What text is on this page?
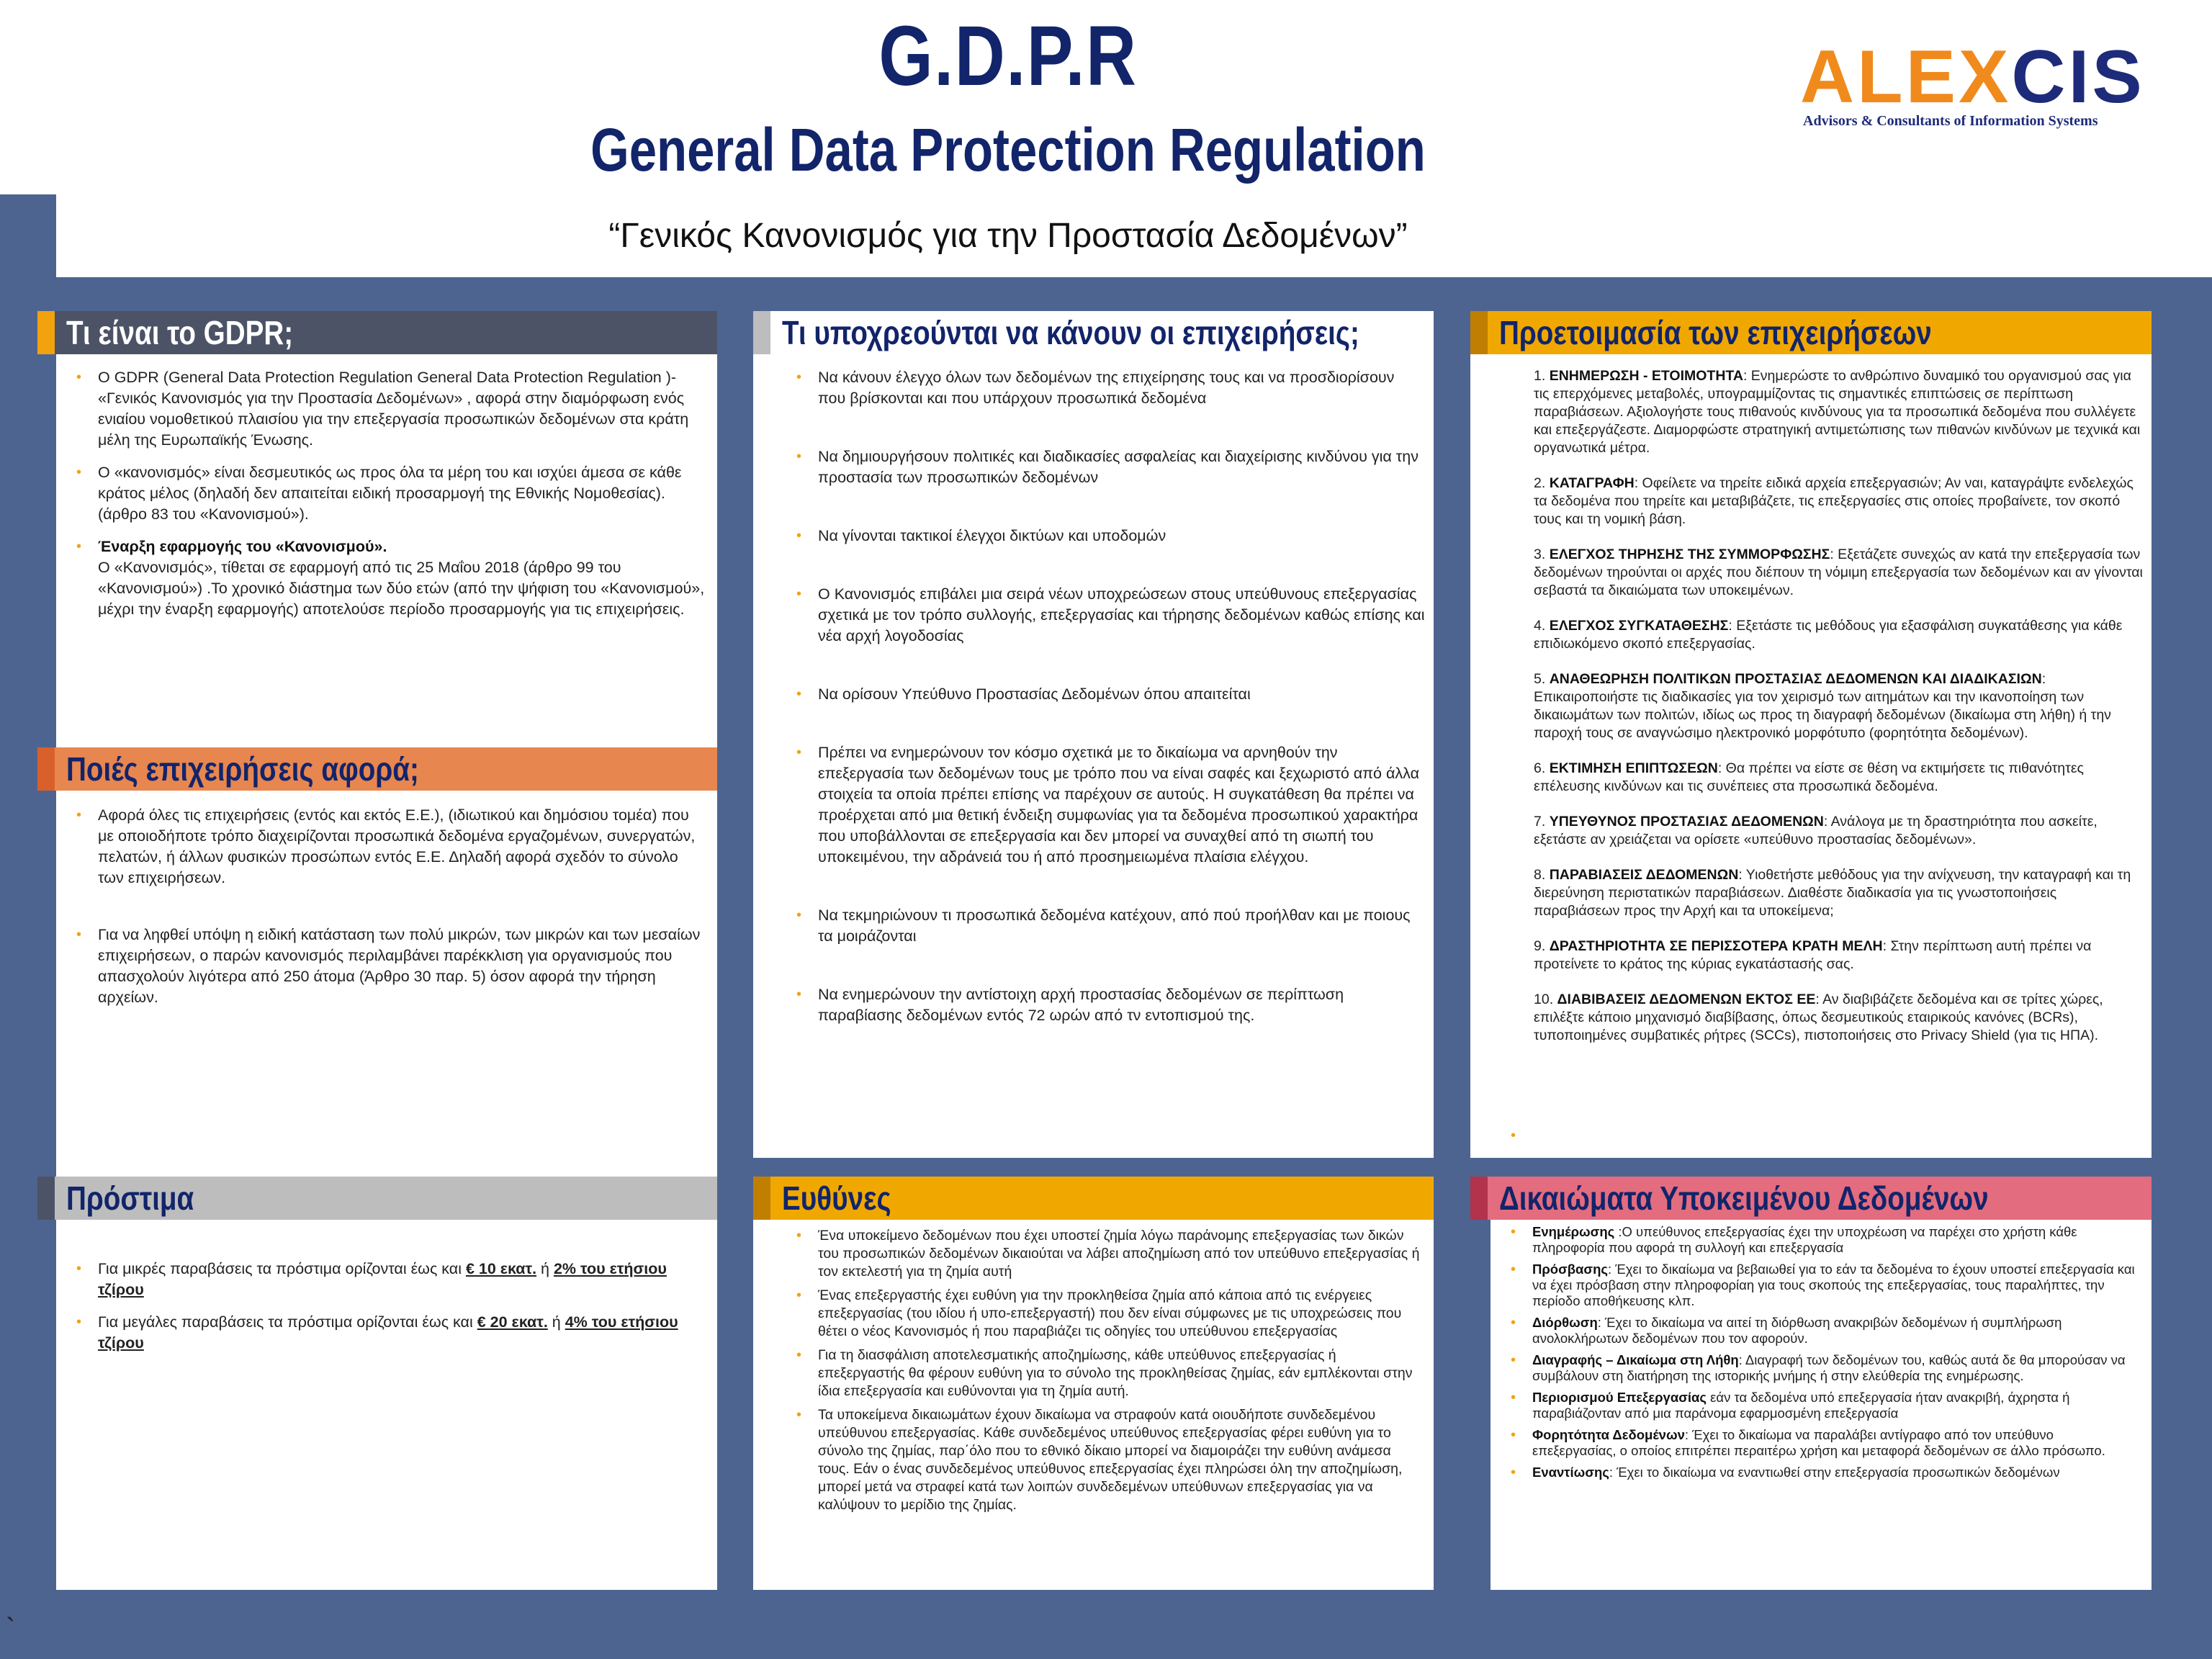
G.D.P.R
General Data Protection Regulation
“Γενικός Κανονισμός για την Προστασία Δεδομένων”
ALEXCIS
Advisors & Consultants of Information Systems
Τι είναι το GDPR;
• Ο GDPR (General Data Protection Regulation General Data Protection Regulation )- «Γενικός Κανονισμός για την Προστασία Δεδομένων» , αφορά στην διαμόρφωση ενός ενιαίου νομοθετικού πλαισίου για την επεξεργασία προσωπικών δεδομένων στα κράτη μέλη της Ευρωπαϊκής Ένωσης.
• Ο «κανονισμός» είναι δεσμευτικός ως προς όλα τα μέρη του και ισχύει άμεσα σε κάθε κράτος μέλος (δηλαδή δεν απαιτείται ειδική προσαρμογή της Εθνικής Νομοθεσίας). (άρθρο 83 του «Κανονισμού»).
• Έναρξη εφαρμογής του «Κανονισμού».
Ο «Κανονισμός», τίθεται σε εφαρμογή από τις 25 Μαΐου 2018 (άρθρο 99 του «Κανονισμού») .Το χρονικό διάστημα των δύο ετών (από την ψήφιση του «Κανονισμού», μέχρι την έναρξη εφαρμογής) αποτελούσε περίοδο προσαρμογής για τις επιχειρήσεις.
Ποιές επιχειρήσεις αφορά;
• Αφορά όλες τις επιχειρήσεις (εντός και εκτός Ε.Ε.), (ιδιωτικού και δημόσιου τομέα) που με οποιοδήποτε τρόπο διαχειρίζονται προσωπικά δεδομένα εργαζομένων, συνεργατών, πελατών, ή άλλων φυσικών προσώπων εντός Ε.Ε. Δηλαδή αφορά σχεδόν το σύνολο των επιχειρήσεων.
• Για να ληφθεί υπόψη η ειδική κατάσταση των πολύ μικρών, των μικρών και των μεσαίων επιχειρήσεων, ο παρών κανονισμός περιλαμβάνει παρέκκλιση για οργανισμούς που απασχολούν λιγότερα από 250 άτομα (Άρθρο 30 παρ. 5) όσον αφορά την τήρηση αρχείων.
Πρόστιμα
• Για μικρές παραβάσεις τα πρόστιμα ορίζονται έως και € 10 εκατ. ή 2% του ετήσιου τζίρου
• Για μεγάλες παραβάσεις τα πρόστιμα ορίζονται έως και € 20 εκατ. ή 4% του ετήσιου τζίρου
Τι υποχρεούνται να κάνουν οι επιχειρήσεις;
• Να κάνουν έλεγχο όλων των δεδομένων της επιχείρησης τους και να προσδιορίσουν που βρίσκονται και που υπάρχουν προσωπικά δεδομένα
• Να δημιουργήσουν πολιτικές και διαδικασίες ασφαλείας και διαχείρισης κινδύνου για την προστασία των προσωπικών δεδομένων
• Να γίνονται τακτικοί έλεγχοι δικτύων και υποδομών
• Ο Κανονισμός επιβάλει μια σειρά νέων υποχρεώσεων στους υπεύθυνους επεξεργασίας σχετικά με τον τρόπο συλλογής, επεξεργασίας και τήρησης δεδομένων καθώς επίσης και νέα αρχή λογοδοσίας
• Να ορίσουν Υπεύθυνο Προστασίας Δεδομένων όπου απαιτείται
• Πρέπει να ενημερώνουν τον κόσμο σχετικά με το δικαίωμα να αρνηθούν την επεξεργασία των δεδομένων τους με τρόπο που να είναι σαφές και ξεχωριστό από άλλα στοιχεία τα οποία πρέπει επίσης να παρέχουν σε αυτούς. Η συγκατάθεση θα πρέπει να προέρχεται από μια θετική ένδειξη συμφωνίας για τα δεδομένα προσωπικού χαρακτήρα που υποβάλλονται σε επεξεργασία και δεν μπορεί να συναχθεί από τη σιωπή του υποκειμένου, την αδράνειά του ή από προσημειωμένα πλαίσια ελέγχου.
• Να τεκμηριώνουν τι προσωπικά δεδομένα κατέχουν, από πού προήλθαν και με ποιους τα μοιράζονται
• Να ενημερώνουν την αντίστοιχη αρχή προστασίας δεδομένων σε περίπτωση παραβίασης δεδομένων εντός 72 ωρών από τν εντοπισμού της.
Ευθύνες
• Ένα υποκείμενο δεδομένων που έχει υποστεί ζημία λόγω παράνομης επεξεργασίας των δικών του προσωπικών δεδομένων δικαιούται να λάβει αποζημίωση από τον υπεύθυνο επεξεργασίας ή τον εκτελεστή για τη ζημία αυτή
• Ένας επεξεργαστής έχει ευθύνη για την προκληθείσα ζημία από κάποια από τις ενέργειες επεξεργασίας (του ιδίου ή υπο-επεξεργαστή) που δεν είναι σύμφωνες με τις υποχρεώσεις που θέτει ο νέος Κανονισμός ή που παραβιάζει τις οδηγίες του υπεύθυνου επεξεργασίας
• Για τη διασφάλιση αποτελεσματικής αποζημίωσης, κάθε υπεύθυνος επεξεργασίας ή επεξεργαστής θα φέρουν ευθύνη για το σύνολο της προκληθείσας ζημίας, εάν εμπλέκονται στην ίδια επεξεργασία και ευθύνονται για τη ζημία αυτή.
• Τα υποκείμενα δικαιωμάτων έχουν δικαίωμα να στραφούν κατά οιουδήποτε συνδεδεμένου υπεύθυνου επεξεργασίας. Κάθε συνδεδεμένος υπεύθυνος επεξεργασίας φέρει ευθύνη για το σύνολο της ζημίας, παρ΄όλο που το εθνικό δίκαιο μπορεί να διαμοιράζει την ευθύνη ανάμεσα τους. Εάν ο ένας συνδεδεμένος υπεύθυνος επεξεργασίας έχει πληρώσει όλη την αποζημίωση, μπορεί μετά να στραφεί κατά των λοιπών συνδεδεμένων υπεύθυνων επεξεργασίας για να καλύψουν το μερίδιο της ζημίας.
Προετοιμασία των επιχειρήσεων
1. ΕΝΗΜΕΡΩΣΗ - ΕΤΟΙΜΟΤΗΤΑ: Ενημερώστε το ανθρώπινο δυναμικό του οργανισμού σας για τις επερχόμενες μεταβολές, υπογραμμίζοντας τις σημαντικές επιπτώσεις σε περίπτωση παραβιάσεων. Αξιολογήστε τους πιθανούς κινδύνους για τα προσωπικά δεδομένα που συλλέγετε και επεξεργάζεστε. Διαμορφώστε στρατηγική αντιμετώπισης των πιθανών κινδύνων με τεχνικά και οργανωτικά μέτρα.
2. ΚΑΤΑΓΡΑΦΗ: Οφείλετε να τηρείτε ειδικά αρχεία επεξεργασιών; Αν ναι, καταγράψτε ενδελεχώς τα δεδομένα που τηρείτε και μεταβιβάζετε, τις επεξεργασίες στις οποίες προβαίνετε, τον σκοπό τους και τη νομική βάση.
3. ΕΛΕΓΧΟΣ ΤΗΡΗΣΗΣ ΤΗΣ ΣΥΜΜΟΡΦΩΣΗΣ: Εξετάζετε συνεχώς αν κατά την επεξεργασία των δεδομένων τηρούνται οι αρχές που διέπουν τη νόμιμη επεξεργασία των δεδομένων και αν γίνονται σεβαστά τα δικαιώματα των υποκειμένων.
4. ΕΛΕΓΧΟΣ ΣΥΓΚΑΤΑΘΕΣΗΣ: Εξετάστε τις μεθόδους για εξασφάλιση συγκατάθεσης για κάθε επιδιωκόμενο σκοπό επεξεργασίας.
5. ΑΝΑΘΕΩΡΗΣΗ ΠΟΛΙΤΙΚΩΝ ΠΡΟΣΤΑΣΙΑΣ ΔΕΔΟΜΕΝΩΝ ΚΑΙ ΔΙΑΔΙΚΑΣΙΩΝ: Επικαιροποιήστε τις διαδικασίες για τον χειρισμό των αιτημάτων και την ικανοποίηση των δικαιωμάτων των πολιτών, ιδίως ως προς τη διαγραφή δεδομένων (δικαίωμα στη λήθη) ή την παροχή τους σε αναγνώσιμο ηλεκτρονικό μορφότυπο (φορητότητα δεδομένων).
6. ΕΚΤΙΜΗΣΗ ΕΠΙΠΤΩΣΕΩΝ: Θα πρέπει να είστε σε θέση να εκτιμήσετε τις πιθανότητες επέλευσης κινδύνων και τις συνέπειες στα προσωπικά δεδομένα.
7. ΥΠΕΥΘΥΝΟΣ ΠΡΟΣΤΑΣΙΑΣ ΔΕΔΟΜΕΝΩΝ: Ανάλογα με τη δραστηριότητα που ασκείτε, εξετάστε αν χρειάζεται να ορίσετε «υπεύθυνο προστασίας δεδομένων».
8. ΠΑΡΑΒΙΑΣΕΙΣ ΔΕΔΟΜΕΝΩΝ: Υιοθετήστε μεθόδους για την ανίχνευση, την καταγραφή και τη διερεύνηση περιστατικών παραβιάσεων. Διαθέστε διαδικασία για τις γνωστοποιήσεις παραβιάσεων προς την Αρχή και τα υποκείμενα;
9. ΔΡΑΣΤΗΡΙΟΤΗΤΑ ΣΕ ΠΕΡΙΣΣΟΤΕΡΑ ΚΡΑΤΗ ΜΕΛΗ: Στην περίπτωση αυτή πρέπει να προτείνετε το κράτος της κύριας εγκατάστασής σας.
10. ΔΙΑΒΙΒΑΣΕΙΣ ΔΕΔΟΜΕΝΩΝ ΕΚΤΟΣ ΕΕ: Αν διαβιβάζετε δεδομένα και σε τρίτες χώρες, επιλέξτε κάποιο μηχανισμό διαβίβασης, όπως δεσμευτικούς εταιρικούς κανόνες (BCRs), τυποποιημένες συμβατικές ρήτρες (SCCs), πιστοποιήσεις στο Privacy Shield (για τις ΗΠΑ).
•
Δικαιώματα Υποκειμένου Δεδομένων
• Ενημέρωσης :Ο υπεύθυνος επεξεργασίας έχει την υποχρέωση να παρέχει στο χρήστη κάθε πληροφορία που αφορά τη συλλογή και επεξεργασία
• Πρόσβασης: Έχει το δικαίωμα να βεβαιωθεί για το εάν τα δεδομένα το έχουν υποστεί επεξεργασία και να έχει πρόσβαση στην πληροφορίαη για τους σκοπούς της επεξεργασίας, τους παραλήπτες, την περίοδο αποθήκευσης κλπ.
• Διόρθωση: Έχει το δικαίωμα να αιτεί τη διόρθωση ανακριβών δεδομένων ή συμπλήρωση ανολοκλήρωτων δεδομένων που τον αφορούν.
• Διαγραφής – Δικαίωμα στη Λήθη: Διαγραφή των δεδομένων του, καθώς αυτά δε θα μπορούσαν να συμβάλουν στη διατήρηση της ιστορικής μνήμης ή στην ελεύθερία της ενημέρωσης.
• Περιορισμού Επεξεργασίας εάν τα δεδομένα υπό επεξεργασία ήταν ανακριβή, άχρηστα ή παραβιάζονταν από μια παράνομα εφαρμοσμένη επεξεργασία
• Φορητότητα Δεδομένων: Έχει το δικαίωμα να παραλάβει αντίγραφο από τον υπεύθυνο επεξεργασίας, ο οποίος επιτρέπει περαιτέρω χρήση και μεταφορά δεδομένων σε άλλο πρόσωπο.
• Εναντίωσης: Έχει το δικαίωμα να εναντιωθεί στην επεξεργασία προσωπικών δεδομένων
`
